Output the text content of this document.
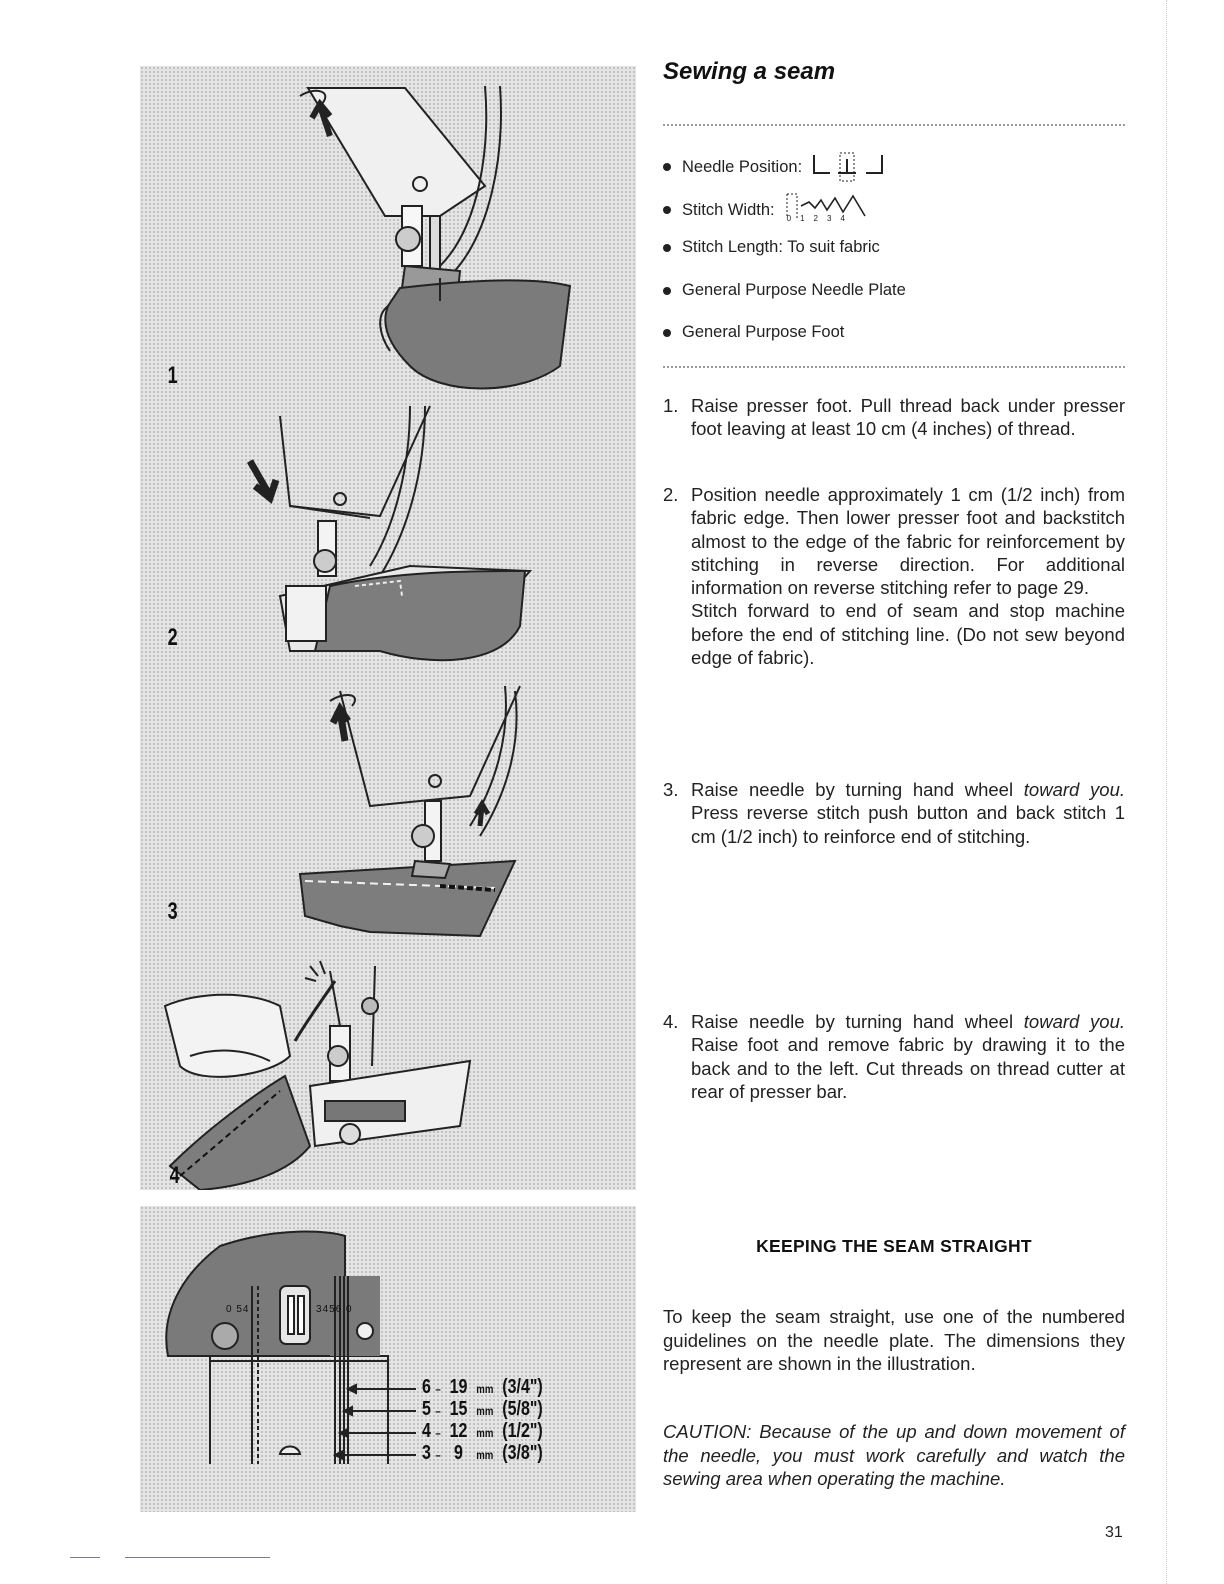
1
2
3
4
0 54	3456 0
6 – 19 mm (3/4")
5 – 15 mm (5/8")
4 – 12 mm (1/2")
3 – 9 mm (3/8")
Sewing a seam
Needle Position:
Stitch Width: 01234
Stitch Length: To suit fabric
General Purpose Needle Plate
General Purpose Foot
1. Raise presser foot. Pull thread back under presser foot leaving at least 10 cm (4 inches) of thread.
2. Position needle approximately 1 cm (1/2 inch) from fabric edge. Then lower presser foot and backstitch almost to the edge of the fabric for reinforcement by stitching in reverse direction. For additional information on reverse stitching refer to page 29.
Stitch forward to end of seam and stop machine before the end of stitching line. (Do not sew beyond edge of fabric).
3. Raise needle by turning hand wheel toward you. Press reverse stitch push button and back stitch 1 cm (1/2 inch) to reinforce end of stitching.
4. Raise needle by turning hand wheel toward you. Raise foot and remove fabric by drawing it to the back and to the left. Cut threads on thread cutter at rear of presser bar.
KEEPING THE SEAM STRAIGHT
To keep the seam straight, use one of the numbered guidelines on the needle plate. The dimensions they represent are shown in the illustration.
CAUTION: Because of the up and down movement of the needle, you must work carefully and watch the sewing area when operating the machine.
31
